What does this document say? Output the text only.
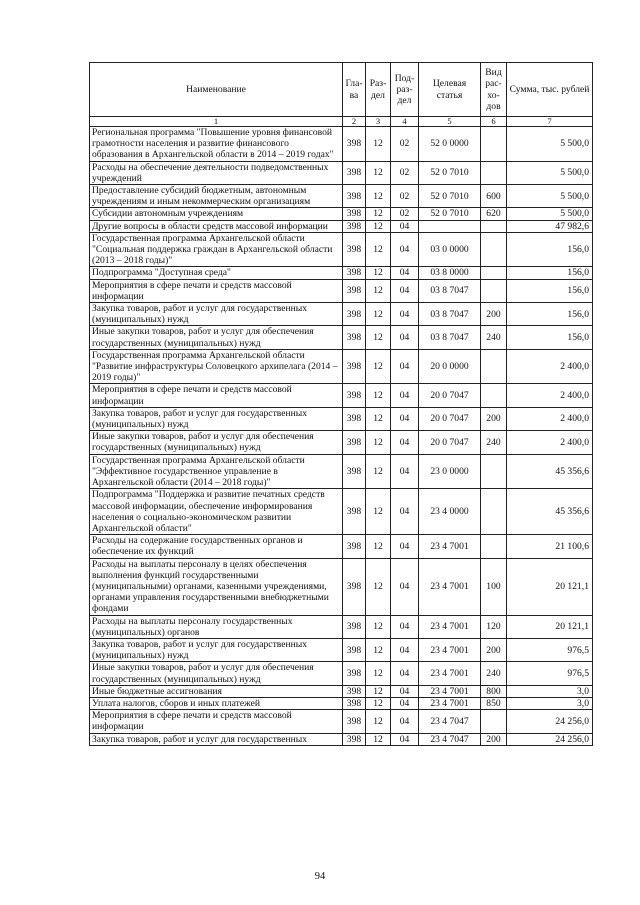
Наименование	Гла- ва	Раз- дел	Под- раз- дел	Целевая статья	Вид рас- хо- дов	Сумма, тыс. рублей
1	2	3	4	5	6	7
Региональная программа "Повышение уровня финансовой грамотности населения и развитие финансового образования в Архангельской области в 2014 – 2019 годах"	398	12	02	52 0 0000		5 500,0
Расходы на обеспечение деятельности подведомственных учреждений	398	12	02	52 0 7010		5 500,0
Предоставление субсидий бюджетным, автономным учреждениям и иным некоммерческим организациям	398	12	02	52 0 7010	600	5 500,0
Субсидии автономным учреждениям	398	12	02	52 0 7010	620	5 500,0
Другие вопросы в области средств массовой информации	398	12	04			47 982,6
Государственная программа Архангельской области "Социальная поддержка граждан в Архангельской области (2013 – 2018 годы)"	398	12	04	03 0 0000		156,0
Подпрограмма "Доступная среда"	398	12	04	03 8 0000		156,0
Мероприятия в сфере печати и средств массовой информации	398	12	04	03 8 7047		156,0
Закупка товаров, работ и услуг для государственных (муниципальных) нужд	398	12	04	03 8 7047	200	156,0
Иные закупки товаров, работ и услуг для обеспечения государственных (муниципальных) нужд	398	12	04	03 8 7047	240	156,0
Государственная программа Архангельской области "Развитие инфраструктуры Соловецкого архипелага (2014 – 2019 годы)"	398	12	04	20 0 0000		2 400,0
Мероприятия в сфере печати и средств массовой информации	398	12	04	20 0 7047		2 400,0
Закупка товаров, работ и услуг для государственных (муниципальных) нужд	398	12	04	20 0 7047	200	2 400,0
Иные закупки товаров, работ и услуг для обеспечения государственных (муниципальных) нужд	398	12	04	20 0 7047	240	2 400,0
Государственная программа Архангельской области "Эффективное государственное управление в Архангельской области (2014 – 2018 годы)"	398	12	04	23 0 0000		45 356,6
Подпрограмма "Поддержка и развитие печатных средств массовой информации, обеспечение информирования населения о социально-экономическом развитии Архангельской области"	398	12	04	23 4 0000		45 356,6
Расходы на содержание государственных органов и обеспечение их функций	398	12	04	23 4 7001		21 100,6
Расходы на выплаты персоналу в целях обеспечения выполнения функций государственными (муниципальными) органами, казенными учреждениями, органами управления государственными внебюджетными фондами	398	12	04	23 4 7001	100	20 121,1
Расходы на выплаты персоналу государственных (муниципальных) органов	398	12	04	23 4 7001	120	20 121,1
Закупка товаров, работ и услуг для государственных (муниципальных) нужд	398	12	04	23 4 7001	200	976,5
Иные закупки товаров, работ и услуг для обеспечения государственных (муниципальных) нужд	398	12	04	23 4 7001	240	976,5
Иные бюджетные ассигнования	398	12	04	23 4 7001	800	3,0
Уплата налогов, сборов и иных платежей	398	12	04	23 4 7001	850	3,0
Мероприятия в сфере печати и средств массовой информации	398	12	04	23 4 7047		24 256,0
Закупка товаров, работ и услуг для государственных	398	12	04	23 4 7047	200	24 256,0
94
